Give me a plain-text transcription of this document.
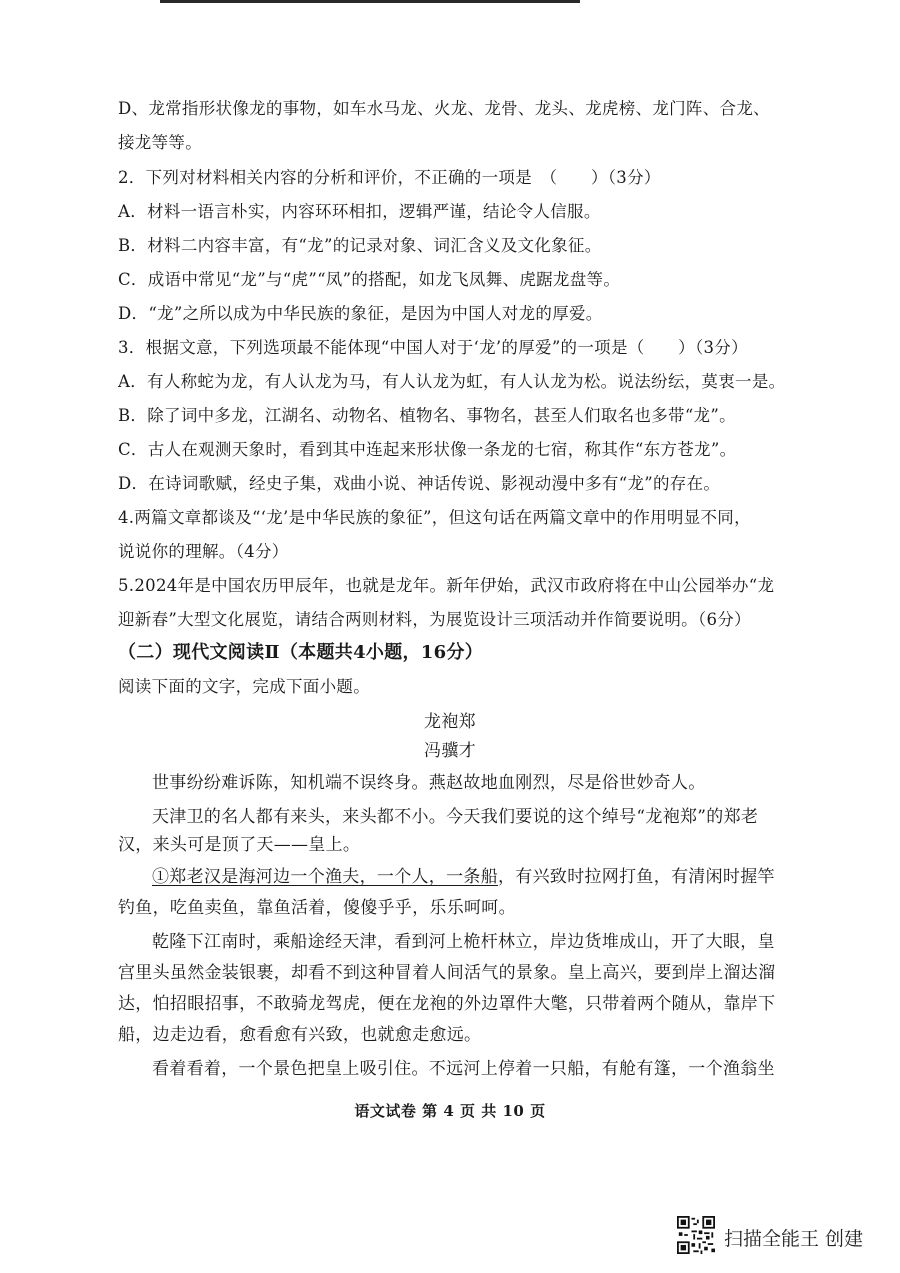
D、龙常指形状像龙的事物，如车水马龙、火龙、龙骨、龙头、龙虎榜、龙门阵、合龙、
接龙等等。
2．下列对材料相关内容的分析和评价，不正确的一项是　（　　）（3分）
A．材料一语言朴实，内容环环相扣，逻辑严谨，结论令人信服。
B．材料二内容丰富，有“龙”的记录对象、词汇含义及文化象征。
C．成语中常见“龙”与“虎”“凤”的搭配，如龙飞凤舞、虎踞龙盘等。
D．“龙”之所以成为中华民族的象征，是因为中国人对龙的厚爱。
3．根据文意，下列选项最不能体现“中国人对于‘龙’的厚爱”的一项是（　　）（3分）
A．有人称蛇为龙，有人认龙为马，有人认龙为虹，有人认龙为松。说法纷纭，莫衷一是。
B．除了词中多龙，江湖名、动物名、植物名、事物名，甚至人们取名也多带“龙”。
C．古人在观测天象时，看到其中连起来形状像一条龙的七宿，称其作“东方苍龙”。
D．在诗词歌赋，经史子集，戏曲小说、神话传说、影视动漫中多有“龙”的存在。
4.两篇文章都谈及“‘龙’是中华民族的象征”，但这句话在两篇文章中的作用明显不同，
说说你的理解。（4分）
5.2024年是中国农历甲辰年，也就是龙年。新年伊始，武汉市政府将在中山公园举办“龙
迎新春”大型文化展览，请结合两则材料，为展览设计三项活动并作简要说明。（6分）
（二）现代文阅读Ⅱ（本题共4小题，16分）
阅读下面的文字，完成下面小题。
龙袍郑
冯骥才
世事纷纷难诉陈，知机端不误终身。燕赵故地血刚烈，尽是俗世妙奇人。
天津卫的名人都有来头，来头都不小。今天我们要说的这个绰号“龙袍郑”的郑老
汉，来头可是顶了天——皇上。
①郑老汉是海河边一个渔夫，一个人，一条船，有兴致时拉网打鱼，有清闲时握竿
钓鱼，吃鱼卖鱼，靠鱼活着，傻傻乎乎，乐乐呵呵。
乾隆下江南时，乘船途经天津，看到河上桅杆林立，岸边货堆成山，开了大眼，皇
宫里头虽然金装银裹，却看不到这种冒着人间活气的景象。皇上高兴，要到岸上溜达溜
达，怕招眼招事，不敢骑龙驾虎，便在龙袍的外边罩件大氅，只带着两个随从，靠岸下
船，边走边看，愈看愈有兴致，也就愈走愈远。
看着看着，一个景色把皇上吸引住。不远河上停着一只船，有舱有篷，一个渔翁坐
语文试卷 第 4 页 共 10 页
扫描全能王 创建
